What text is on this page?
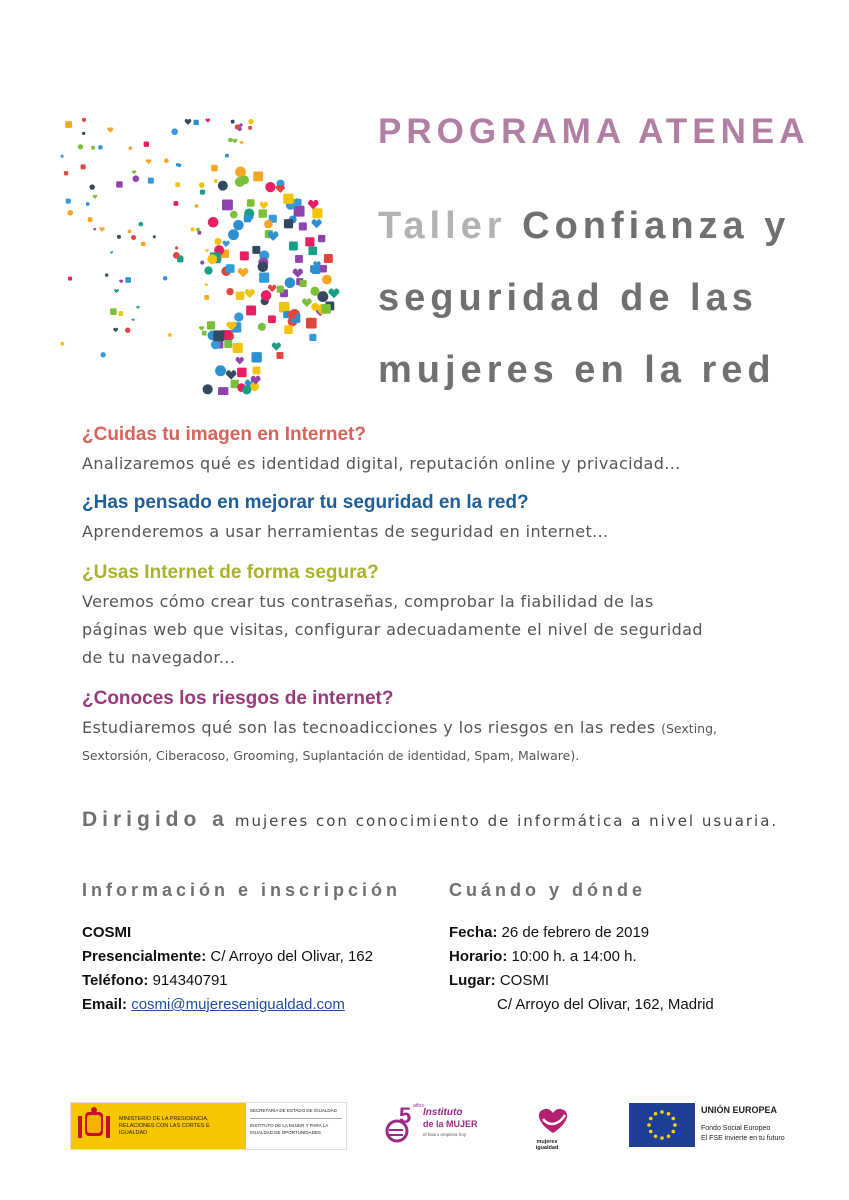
PROGRAMA ATENEA
Taller Confianza y
seguridad de las
mujeres en la red

¿Cuidas tu imagen en Internet?

Analizaremos qué es identidad digital, reputación online y privacidad...

¿Has pensado en mejorar tu seguridad en la red?

Aprenderemos a usar herramientas de seguridad en internet...

¿Usas Internet de forma segura?

Veremos cómo crear tus contraseñas, comprobar la fiabilidad de las

páginas web que visitas, configurar adecuadamente el nivel de seguridad

de tu navegador...

¿Conoces los riesgos de internet?

Estudiaremos qué son las tecnoadicciones y los riesgos en las redes (Sexting,

Sextorsión, Ciberacoso, Grooming, Suplantación de identidad, Spam, Malware).

Dirigido a mujeres con conocimiento de informática a nivel usuaria.
Información e inscripción
COSMI
Presencialmente: C/ Arroyo del Olivar, 162
Teléfono: 914340791
Email: cosmi@mujeresenigualdad.com
Cuándo y dónde
Fecha: 26 de febrero de 2019
Horario: 10:00 h. a 14:00 h.
Lugar: COSMI
C/ Arroyo del Olivar, 162, Madrid
MINISTERIO DE LA PRESIDENCIA, RELACIONES CON LAS CORTES E IGUALDAD
SECRETARÍA DE ESTADO DE IGUALDAD
INSTITUTO DE LA MUJER Y PARA LA IGUALDAD DE OPORTUNIDADES
5 años
Instituto
de la MUJER
el futuro empieza hoy
mujeres igualdad
UNIÓN EUROPEA
Fondo Social Europeo
El FSE invierte en tu futuro
